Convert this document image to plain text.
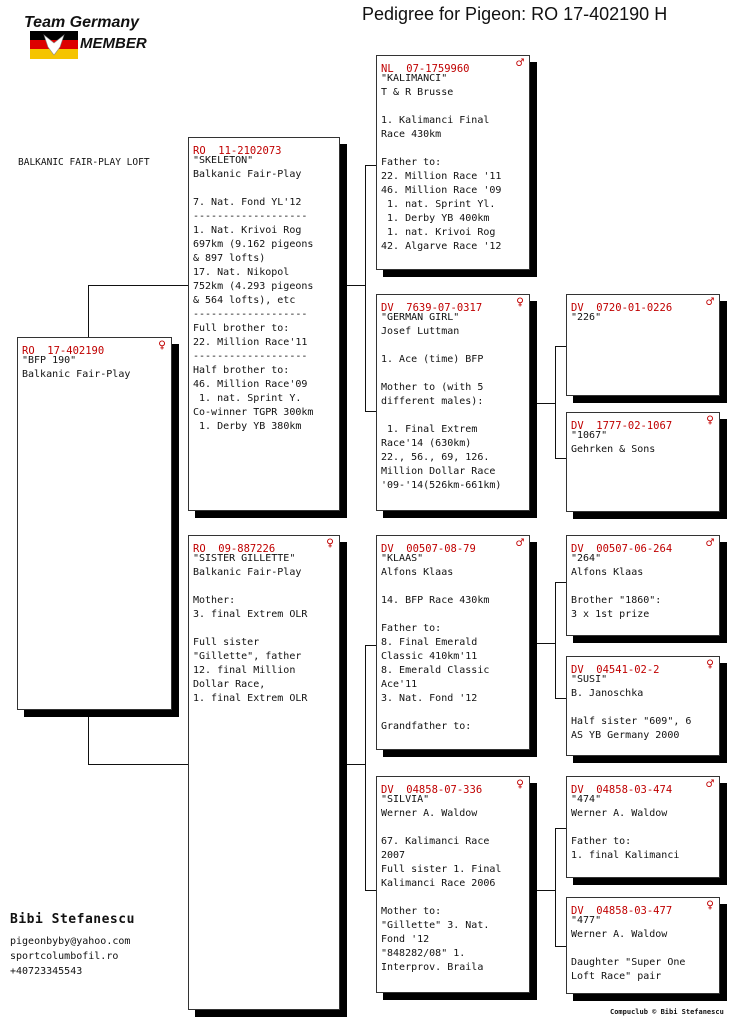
Team Germany
MEMBER
Pedigree for Pigeon: RO 17-402190 H
BALKANIC FAIR-PLAY LOFT
RO  17-402190	♀
"BFP 190"
Balkanic Fair-Play
RO  11-2102073
"SKELETON"
Balkanic Fair-Play

7. Nat. Fond YL'12
-------------------
1. Nat. Krivoi Rog
697km (9.162 pigeons
& 897 lofts)
17. Nat. Nikopol
752km (4.293 pigeons
& 564 lofts), etc
-------------------
Full brother to:
22. Million Race'11
-------------------
Half brother to:
46. Million Race'09
1. nat. Sprint Y.
Co-winner TGPR 300km
1. Derby YB 380km
RO  09-887226	♀
"SISTER GILLETTE"
Balkanic Fair-Play

Mother:
3. final Extrem OLR

Full sister
"Gillette", father
12. final Million
Dollar Race,
1. final Extrem OLR
NL  07-1759960	♂
"KALIMANCI"
T & R Brusse

1. Kalimanci Final
Race 430km

Father to:
22. Million Race '11
46. Million Race '09
1. nat. Sprint Yl.
1. Derby YB 400km
1. nat. Krivoi Rog
42. Algarve Race '12
DV  7639-07-0317	♀
"GERMAN GIRL"
Josef Luttman

1. Ace (time) BFP

Mother to (with 5
different males):

1. Final Extrem
Race'14 (630km)
22., 56., 69, 126.
Million Dollar Race
'09-'14(526km-661km)
DV  00507-08-79	♂
"KLAAS"
Alfons Klaas

14. BFP Race 430km

Father to:
8. Final Emerald
Classic 410km'11
8. Emerald Classic
Ace'11
3. Nat. Fond '12

Grandfather to:
DV  04858-07-336	♀
"SILVIA"
Werner A. Waldow

67. Kalimanci Race
2007
Full sister 1. Final
Kalimanci Race 2006

Mother to:
"Gillette" 3. Nat.
Fond '12
"848282/08" 1.
Interprov. Braila
DV  0720-01-0226	♂
"226"
DV  1777-02-1067	♀
"1067"
Gehrken & Sons
DV  00507-06-264	♂
"264"
Alfons Klaas

Brother "1860":
3 x 1st prize
DV  04541-02-2	♀
"SUSI"
B. Janoschka

Half sister "609", 6
AS YB Germany 2000
DV  04858-03-474	♂
"474"
Werner A. Waldow

Father to:
1. final Kalimanci
DV  04858-03-477	♀
"477"
Werner A. Waldow

Daughter "Super One
Loft Race" pair
Bibi Stefanescu
pigeonbyby@yahoo.com
sportcolumbofil.ro
+40723345543
Compuclub © Bibi Stefanescu
